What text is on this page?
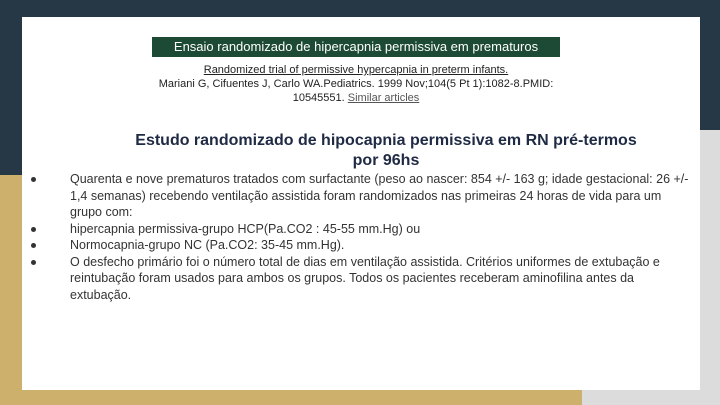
Ensaio randomizado de hipercapnia permissiva em prematuros
Randomized trial of permissive hypercapnia in preterm infants.
Mariani G, Cifuentes J, Carlo WA.Pediatrics. 1999 Nov;104(5 Pt 1):1082-8.PMID:
10545551. Similar articles
Estudo randomizado de hipocapnia permissiva em RN pré-termos
por 96hs
Quarenta e nove prematuros tratados com surfactante (peso ao nascer: 854 +/- 163 g; idade gestacional: 26 +/- 1,4 semanas) recebendo ventilação assistida foram randomizados nas primeiras 24 horas de vida para um grupo com:
hipercapnia permissiva-grupo HCP(Pa.CO2 : 45-55 mm.Hg) ou
Normocapnia-grupo NC (Pa.CO2: 35-45 mm.Hg).
O desfecho primário foi o número total de dias em ventilação assistida. Critérios uniformes de extubação e reintubação foram usados para ambos os grupos. Todos os pacientes receberam aminofilina antes da extubação.
